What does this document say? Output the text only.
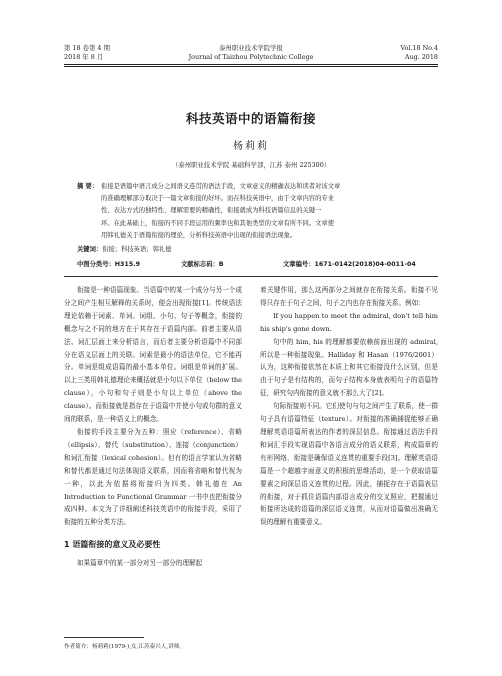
第 18 卷第 4 期
2018 年 8 月
泰州职业技术学院学报
Journal of Taizhou Polytechnic College
Vol.18 No.4
Aug. 2018
科技英语中的语篇衔接
杨莉莉
（泰州职业技术学院 基础科学部，江苏 泰州 225300）
摘 要： 衔接是语篇中语言成分之间语义连贯的语法手段，文章意义的精确表达和读者对该文章
的准确理解部分取决于一篇文章衔接的好坏。而在科技英语中，由于文章内容的专业
性、表达方式的独特性、理解需要的精确性，衔接就成为科技语篇信息的关键一
环。在此基础上，衔接的不同手段运用的频率也和其他类型的文章有所不同。文章使
用韩礼德关于语篇衔接的理论，分析科技英语中出现的衔接语法现象。
关键词：衔接；科技英语；韩礼德
中图分类号：H315.9	文献标志码：B	文章编号：1671-0142(2018)04-0011-04

衔接是一种语篇现象。当语篇中的某一个成分与另一个成分之间产生相互解释的关系时，便会出现衔接[1]。传统语法理论依赖于词素、单词、词组、小句、句子等概念，衔接的概念与之不同的地方在于其存在于语篇内部。前者主要从语法、词汇层面上来分析语言，而后者主要分析语篇中不同部分在语义层面上的关联。词素是最小的语法单位，它不能再分。单词是组成语篇的最小基本单位。词组是单词的扩展。以上三类用韩礼德理论来概括就是小句以下单位（below the clause），小句和句子则是小句以上单位（above the clause）。而衔接就是指存在于语篇中并使小句或句群的意义间的联系，是一种语义上的概念。

衔接的手段主要分为五种：照应（reference）、省略（ellipsis）、替代（substitution）、连接（conjunction）和词汇衔接（lexical cohesion）。但有的语言学家认为省略和替代都是通过句法体现语义联系，因而将省略和替代视为一种，以此为依据将衔接归为四类。韩礼德在 An Introduction to Functional Grammar 一书中也把衔接分成四种。本文为了详细阐述科技英语中的衔接手段，采用了衔接的五种分类方法。

1 语篇衔接的意义及必要性

如果篇章中的某一部分对另一部分的理解起

着关键作用，那么这两部分之间就存在衔接关系。衔接不见得只存在于句子之间，句子之内也存在衔接关系。例如：

If you happen to meet the admiral, don't tell him his ship's gone down.

句中的 him, his 的理解都要依赖前面出现的 admiral, 所以是一种衔接现象。Halliday 和 Hasan（1976/2001）认为，这种衔接依然在本质上和其它衔接没什么区别，但是由于句子是有结构的，而句子结构本身就表明句子的语篇特征，研究句内衔接的意义就不那么大了[2]。

句际衔接则不同。它们使句与句之间产生了联系，使一群句子具有语篇特征（texture）。对衔接的准确捕捉能够正确理解英语语篇所表达的作者的深层信息。衔接通过语法手段和词汇手段实现语篇中各语言成分的语义联系，构成篇章的有形网络，衔接是确保语义连贯的重要手段[3]。理解英语语篇是一个超越字面意义的积极的思维活动，是一个获取语篇要素之间深层语义连贯的过程。因此，捕捉存在于语篇表层的衔接，对于抓住语篇内部语言成分的交叉照应，把握通过衔接所达成的语篇的深层语义连贯，从而对语篇做出准确无误的理解有重要意义。

作者简介：杨莉莉(1979-),女,江苏泰兴人,讲师。
